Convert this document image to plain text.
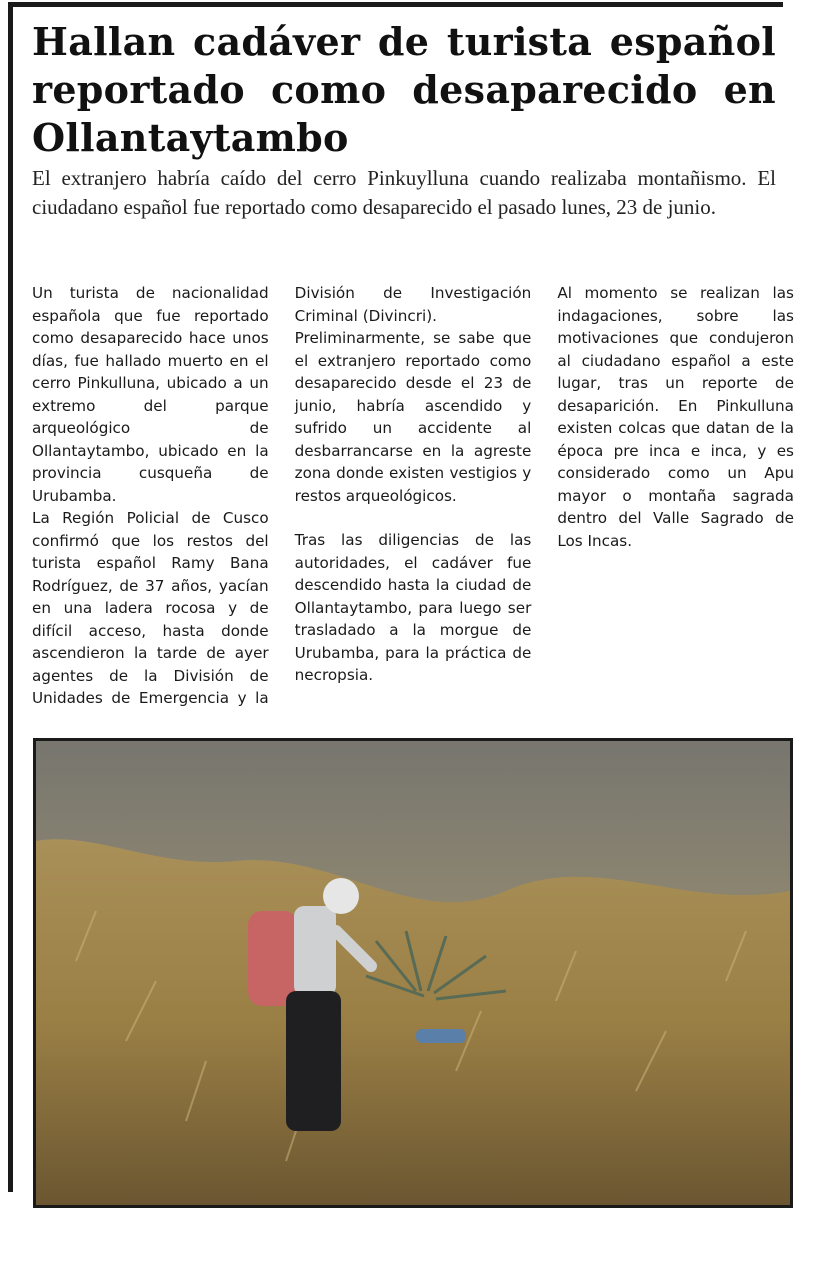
Hallan cadáver de turista español reportado como desaparecido en Ollantaytambo

El extranjero habría caído del cerro Pinkuylluna cuando realizaba montañismo. El ciudadano español fue reportado como desaparecido el pasado lunes, 23 de junio.

Un turista de nacionalidad española que fue reportado como desaparecido hace unos días, fue hallado muerto en el cerro Pinkulluna, ubicado a un extremo del parque arqueológico de Ollantaytambo, ubicado en la provincia cusqueña de Urubamba.

La Región Policial de Cusco confirmó que los restos del turista español Ramy Bana Rodríguez, de 37 años, yacían en una ladera rocosa y de difícil acceso, hasta donde ascendieron la tarde de ayer agentes de la División de Unidades de Emergencia y la División de Investigación Criminal (Divincri).

Preliminarmente, se sabe que el extranjero reportado como desaparecido desde el 23 de junio, habría ascendido y sufrido un accidente al desbarrancarse en la agreste zona donde existen vestigios y restos arqueológicos.

Tras las diligencias de las autoridades, el cadáver fue descendido hasta la ciudad de Ollantaytambo, para luego ser trasladado a la morgue de Urubamba, para la práctica de necropsia.

Al momento se realizan las indagaciones, sobre las motivaciones que condujeron al ciudadano español a este lugar, tras un reporte de desaparición. En Pinkulluna existen colcas que datan de la época pre inca e inca, y es considerado como un Apu mayor o montaña sagrada dentro del Valle Sagrado de Los Incas.
